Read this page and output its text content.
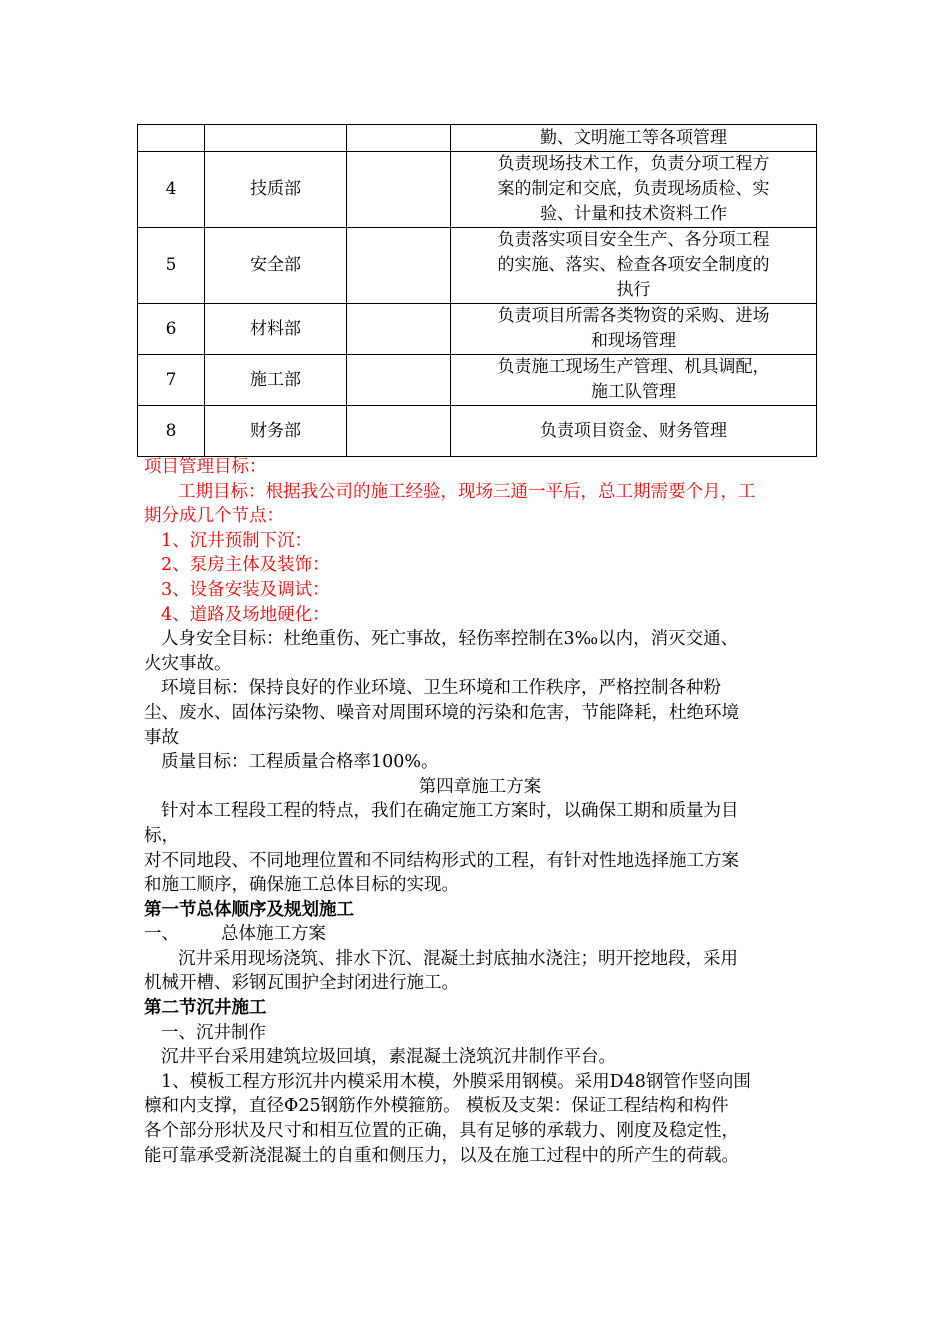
			勤、文明施工等各项管理

4	技质部		负责现场技术工作，负责分项工程方
案的制定和交底，负责现场质检、实
验、计量和技术资料工作

5	安全部		负责落实项目安全生产、各分项工程
的实施、落实、检查各项安全制度的
执行

6	材料部		负责项目所需各类物资的采购、进场
和现场管理

7	施工部		负责施工现场生产管理、机具调配，
施工队管理

8	财务部		负责项目资金、财务管理

项目管理目标：

工期目标：根据我公司的施工经验，现场三通一平后，总工期需要个月，工

期分成几个节点：

1、沉井预制下沉：

2、泵房主体及装饰：

3、设备安装及调试：

4、道路及场地硬化：

人身安全目标：杜绝重伤、死亡事故，轻伤率控制在3‰以内，消灭交通、

火灾事故。

环境目标：保持良好的作业环境、卫生环境和工作秩序，严格控制各种粉

尘、废水、固体污染物、噪音对周围环境的污染和危害，节能降耗，杜绝环境

事故

质量目标：工程质量合格率100%。

第四章施工方案

针对本工程段工程的特点，我们在确定施工方案时，以确保工期和质量为目

标，

对不同地段、不同地理位置和不同结构形式的工程，有针对性地选择施工方案

和施工顺序，确保施工总体目标的实现。

第一节总体顺序及规划施工

一、 总体施工方案

沉井采用现场浇筑、排水下沉、混凝土封底抽水浇注；明开挖地段，采用

机械开槽、彩钢瓦围护全封闭进行施工。

第二节沉井施工

一、沉井制作

沉井平台采用建筑垃圾回填，素混凝土浇筑沉井制作平台。

1、模板工程方形沉井内模采用木模，外膜采用钢模。采用D48钢管作竖向围

檩和内支撑，直径Φ25钢筋作外模箍筋。 模板及支架：保证工程结构和构件

各个部分形状及尺寸和相互位置的正确，具有足够的承载力、刚度及稳定性，

能可靠承受新浇混凝土的自重和侧压力，以及在施工过程中的所产生的荷载。
